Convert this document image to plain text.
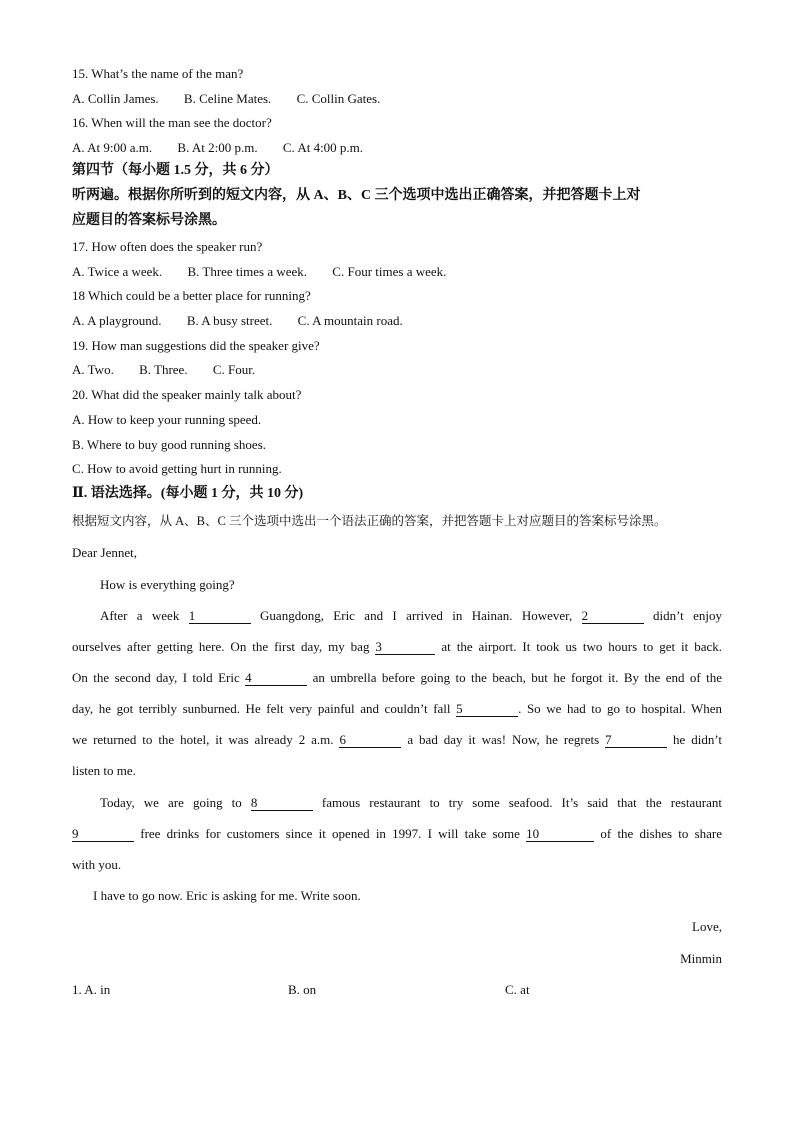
15. What’s the name of the man?
A. Collin James. B. Celine Mates. C. Collin Gates.
16. When will the man see the doctor?
A. At 9:00 a.m. B. At 2:00 p.m. C. At 4:00 p.m.
第四节（每小题 1.5 分，共 6 分）
听两遍。根据你所听到的短文内容，从 A、B、C 三个选项中选出正确答案，并把答题卡上对
应题目的答案标号涂黑。
17. How often does the speaker run?
A. Twice a week. B. Three times a week. C. Four times a week.
18 Which could be a better place for running?
A. A playground. B. A busy street. C. A mountain road.
19. How man suggestions did the speaker give?
A. Two. B. Three. C. Four.
20. What did the speaker mainly talk about?
A. How to keep your running speed.
B. Where to buy good running shoes.
C. How to avoid getting hurt in running.
Ⅱ. 语法选择。(每小题 1 分，共 10 分)
根据短文内容，从 A、B、C 三个选项中选出一个语法正确的答案，并把答题卡上对应题目的答案标号涂黑。
Dear Jennet,
How is everything going?
After a week 1	Guangdong, Eric and I arrived in Hainan. However, 2	didn’t enjoy
ourselves after getting here. On the first day, my bag 3	at the airport. It took us two hours to get it back.
On the second day, I told Eric 4	an umbrella before going to the beach, but he forgot it. By the end of the
day, he got terribly sunburned. He felt very painful and couldn’t fall 5	. So we had to go to hospital. When
we returned to the hotel, it was already 2 a.m. 6	a bad day it was! Now, he regrets 7	he didn’t
listen to me.
Today, we are going to 8	famous restaurant to try some seafood. It’s said that the restaurant
9	free drinks for customers since it opened in 1997. I will take some 10	of the dishes to share
with you.
I have to go now. Eric is asking for me. Write soon.
Love,
Minmin
1. A. in	B. on	C. at
